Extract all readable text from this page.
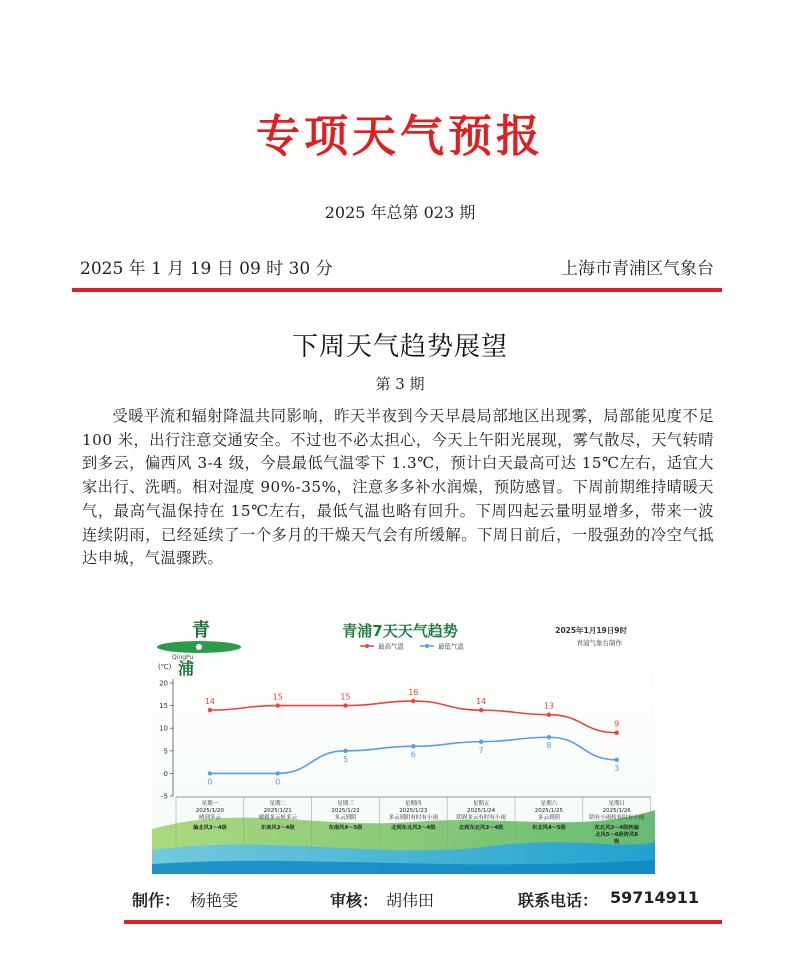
专项天气预报
2025 年总第 023 期
2025 年 1 月 19 日 09 时 30 分	上海市青浦区气象台
下周天气趋势展望
第 3 期
受暖平流和辐射降温共同影响，昨天半夜到今天早晨局部地区出现雾，局部能见度不足 100 米，出行注意交通安全。不过也不必太担心，今天上午阳光展现，雾气散尽，天气转晴到多云，偏西风 3-4 级，今晨最低气温零下 1.3℃，预计白天最高可达 15℃左右，适宜大家出行、洗晒。相对湿度 90%-35%，注意多多补水润燥，预防感冒。下周前期维持晴暖天气，最高气温保持在 15℃左右，最低气温也略有回升。下周四起云量明显增多，带来一波连续阴雨，已经延续了一个多月的干燥天气会有所缓解。下周日前后，一股强劲的冷空气抵达申城，气温骤跌。
青
QingPu
浦
青浦7天天气趋势	2025年1月19日9时
青浦气象台制作
最高气温	最低气温
(℃)
-5
0
5
10
15
20
星期一
2025/1/20
晴到多云
偏北风3～4级
星期二
2025/1/21
晴到多云转多云
东南风3～4级
星期三
2025/1/22
多云到阴
东南风4～5级
星期四
2025/1/23
多云到阴有时有小雨
北到东北风3～4级
星期五
2025/1/24
阴到多云有时有小雨
北到东北风3～4级
星期六
2025/1/25
多云到阴
东北风4～5级
星期日
2025/1/26
阴有小雨转有时有小雨
东北风3～4级转偏
北风5～6级阵风8
级
14
15	15
16
14
13
9
0	0
5
6
7
8
3
制作： 杨艳雯	审核： 胡伟田	联系电话： 59714911
